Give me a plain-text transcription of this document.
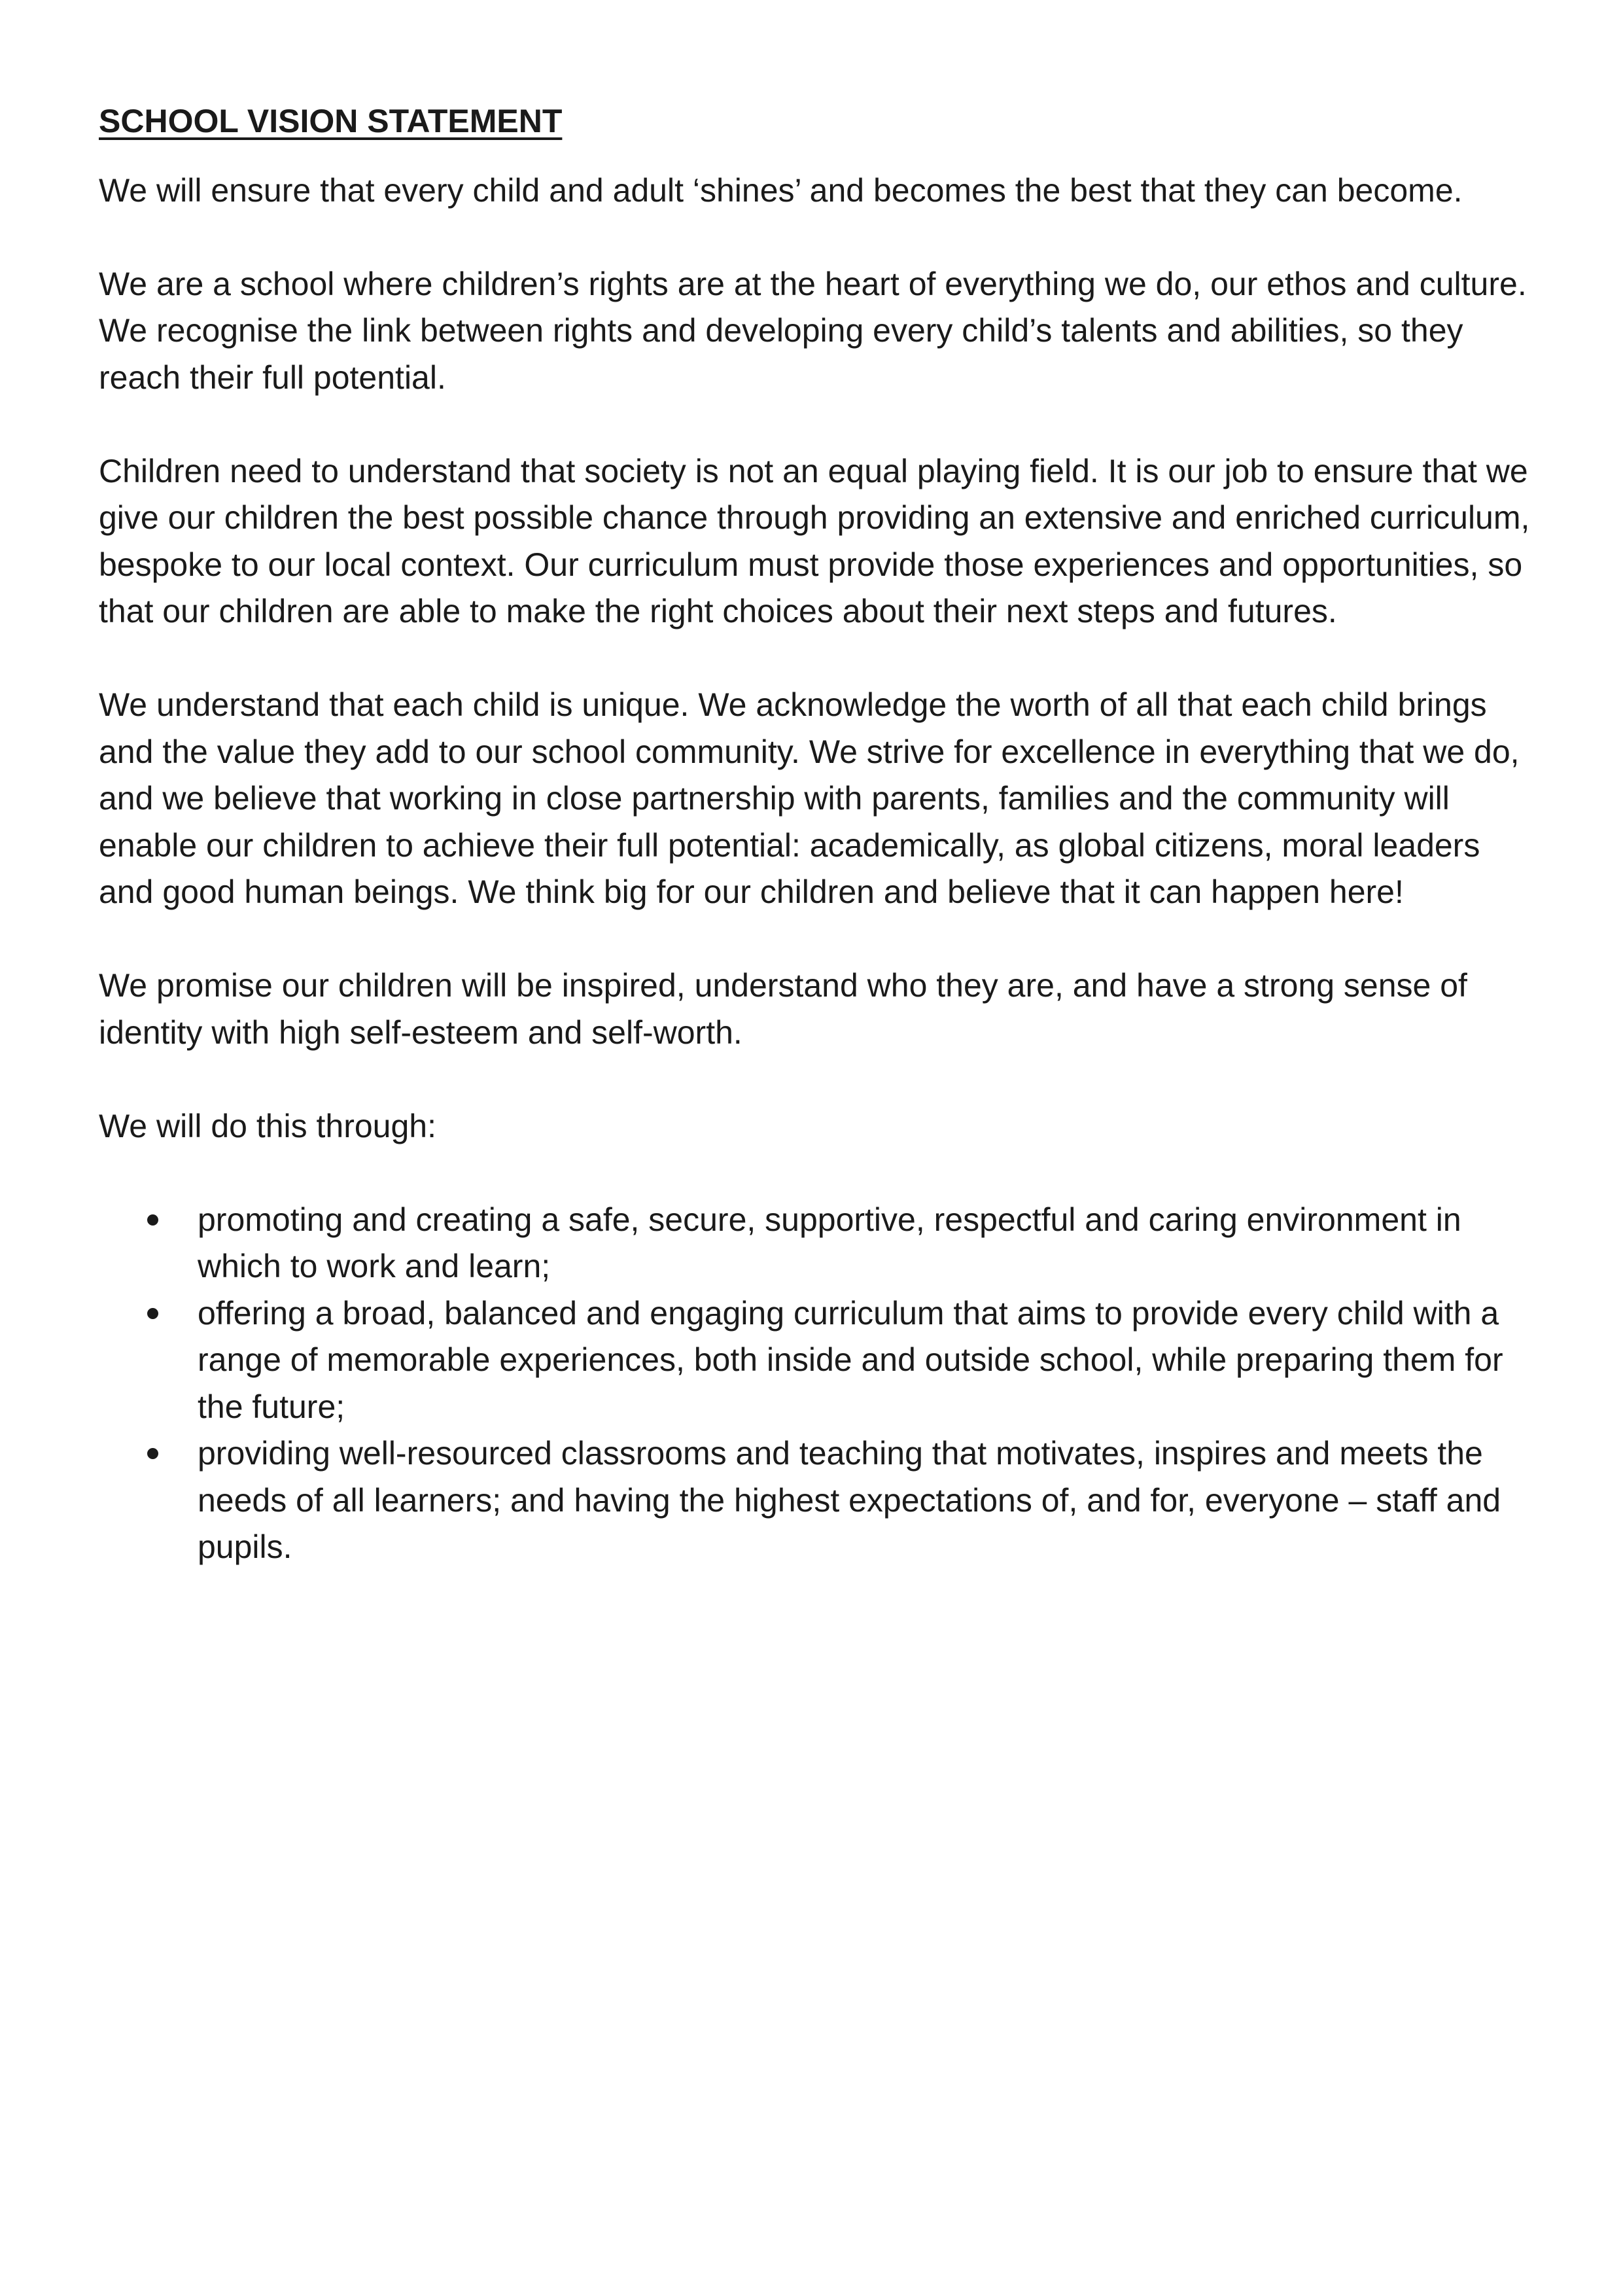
SCHOOL VISION STATEMENT

We will ensure that every child and adult ‘shines’ and becomes the best that they can become.

We are a school where children’s rights are at the heart of everything we do, our ethos and culture. We recognise the link between rights and developing every child’s talents and abilities, so they reach their full potential.

Children need to understand that society is not an equal playing field. It is our job to ensure that we give our children the best possible chance through providing an extensive and enriched curriculum, bespoke to our local context. Our curriculum must provide those experiences and opportunities, so that our children are able to make the right choices about their next steps and futures.

We understand that each child is unique. We acknowledge the worth of all that each child brings and the value they add to our school community. We strive for excellence in everything that we do, and we believe that working in close partnership with parents, families and the community will enable our children to achieve their full potential: academically, as global citizens, moral leaders and good human beings. We think big for our children and believe that it can happen here!

We promise our children will be inspired, understand who they are, and have a strong sense of identity with high self-esteem and self-worth.

We will do this through:

promoting and creating a safe, secure, supportive, respectful and caring environment in which to work and learn;
offering a broad, balanced and engaging curriculum that aims to provide every child with a range of memorable experiences, both inside and outside school, while preparing them for the future;
providing well-resourced classrooms and teaching that motivates, inspires and meets the needs of all learners; and having the highest expectations of, and for, everyone – staff and pupils.
